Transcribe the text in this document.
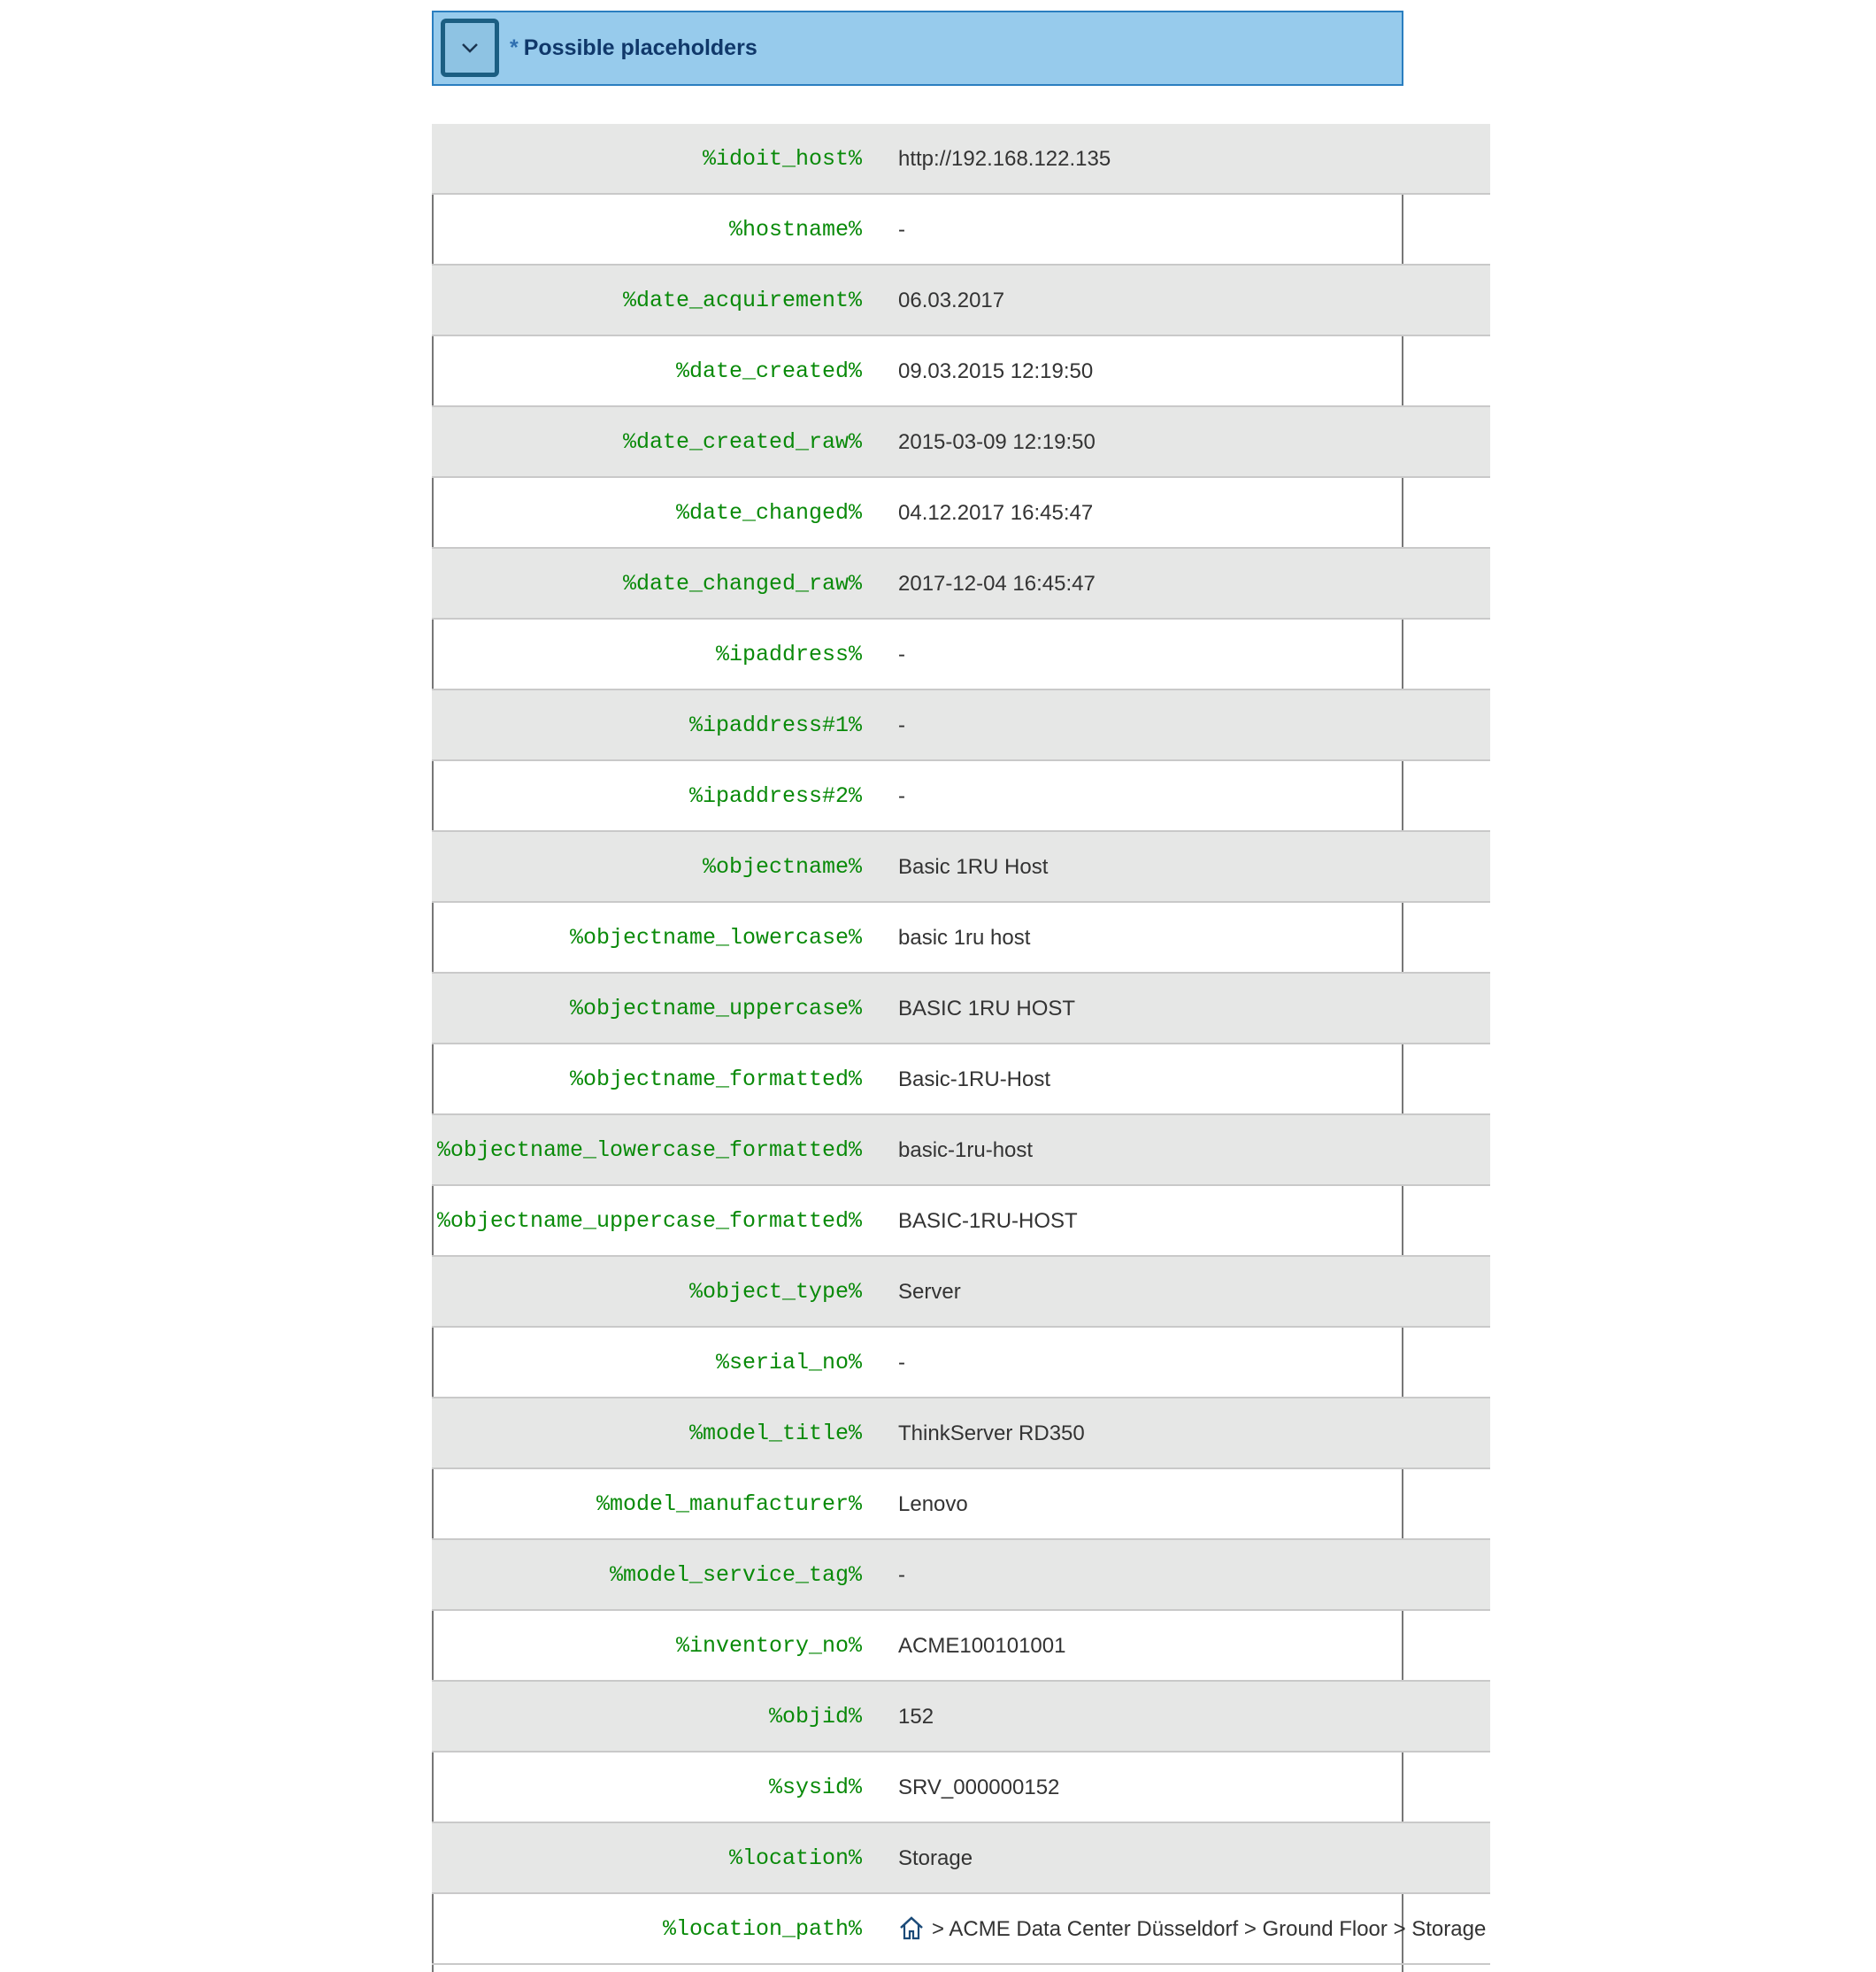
* Possible placeholders
%idoit_host% http://192.168.122.135
%hostname% -
%date_acquirement% 06.03.2017
%date_created% 09.03.2015 12:19:50
%date_created_raw% 2015-03-09 12:19:50
%date_changed% 04.12.2017 16:45:47
%date_changed_raw% 2017-12-04 16:45:47
%ipaddress% -
%ipaddress#1% -
%ipaddress#2% -
%objectname% Basic 1RU Host
%objectname_lowercase% basic 1ru host
%objectname_uppercase% BASIC 1RU HOST
%objectname_formatted% Basic-1RU-Host
%objectname_lowercase_formatted% basic-1ru-host
%objectname_uppercase_formatted% BASIC-1RU-HOST
%object_type% Server
%serial_no% -
%model_title% ThinkServer RD350
%model_manufacturer% Lenovo
%model_service_tag% -
%inventory_no% ACME100101001
%objid% 152
%sysid% SRV_000000152
%location% Storage
%location_path%	> ACME Data Center Düsseldorf > Ground Floor > Storage
